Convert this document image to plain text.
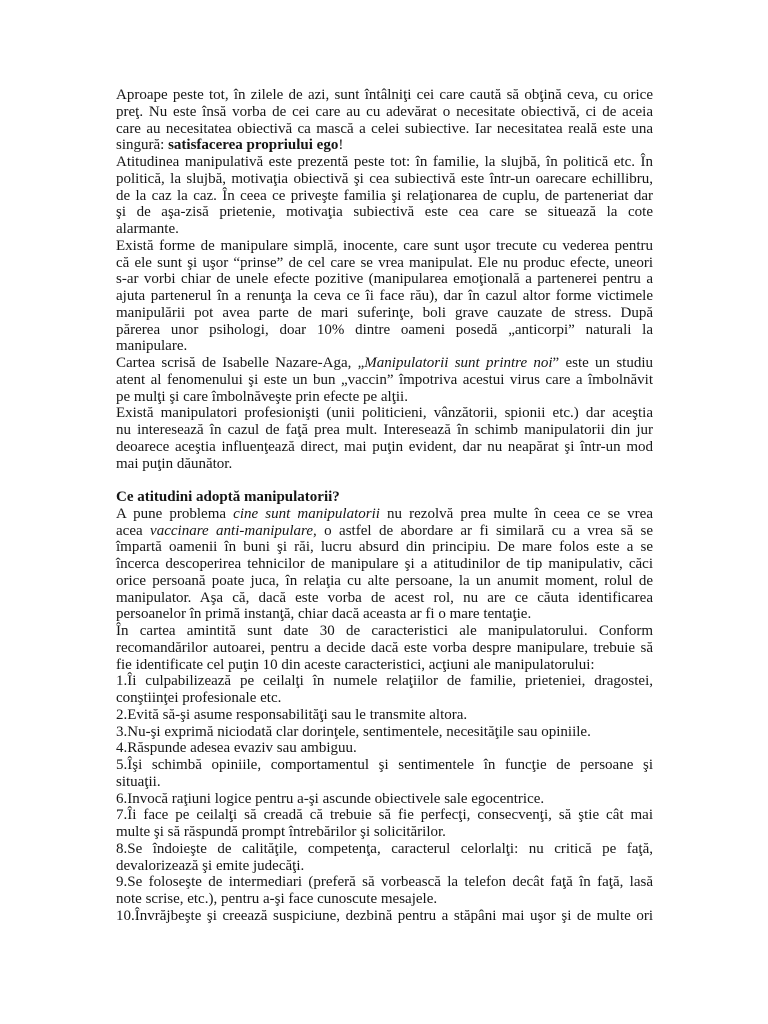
Aproape peste tot, în zilele de azi, sunt întâlniţi cei care caută să obţină ceva, cu orice
preţ. Nu este însă vorba de cei care au cu adevărat o necesitate obiectivă, ci de aceia
care au necesitatea obiectivă ca mască a celei subiective. Iar necesitatea reală este una
singură: satisfacerea propriului ego!
Atitudinea manipulativă este prezentă peste tot: în familie, la slujbă, în politică etc. În
politică, la slujbă, motivaţia obiectivă şi cea subiectivă este într-un oarecare echillibru,
de la caz la caz. În ceea ce priveşte familia şi relaţionarea de cuplu, de parteneriat dar
şi de aşa-zisă prietenie, motivaţia subiectivă este cea care se situează la cote
alarmante.
Există forme de manipulare simplă, inocente, care sunt uşor trecute cu vederea pentru
că ele sunt şi uşor “prinse” de cel care se vrea manipulat. Ele nu produc efecte, uneori
s-ar vorbi chiar de unele efecte pozitive (manipularea emoţională a partenerei pentru a
ajuta partenerul în a renunţa la ceva ce îi face rău), dar în cazul altor forme victimele
manipulării pot avea parte de mari suferinţe, boli grave cauzate de stress. După
părerea unor psihologi, doar 10% dintre oameni posedă „anticorpi” naturali la
manipulare.
Cartea scrisă de Isabelle Nazare-Aga, „Manipulatorii sunt printre noi” este un studiu
atent al fenomenului şi este un bun „vaccin” împotriva acestui virus care a îmbolnăvit
pe mulţi şi care îmbolnăveşte prin efecte pe alţii.
Există manipulatori profesionişti (unii politicieni, vânzătorii, spionii etc.) dar aceştia
nu interesează în cazul de faţă prea mult. Interesează în schimb manipulatorii din jur
deoarece aceştia influenţează direct, mai puţin evident, dar nu neapărat şi într-un mod
mai puţin dăunător.
Ce atitudini adoptă manipulatorii?
A pune problema cine sunt manipulatorii nu rezolvă prea multe în ceea ce se vrea
acea vaccinare anti-manipulare, o astfel de abordare ar fi similară cu a vrea să se
împartă oamenii în buni şi răi, lucru absurd din principiu. De mare folos este a se
încerca descoperirea tehnicilor de manipulare şi a atitudinilor de tip manipulativ, căci
orice persoană poate juca, în relaţia cu alte persoane, la un anumit moment, rolul de
manipulator. Aşa că, dacă este vorba de acest rol, nu are ce căuta identificarea
persoanelor în primă instanţă, chiar dacă aceasta ar fi o mare tentaţie.
În cartea amintită sunt date 30 de caracteristici ale manipulatorului. Conform
recomandărilor autoarei, pentru a decide dacă este vorba despre manipulare, trebuie să
fie identificate cel puţin 10 din aceste caracteristici, acţiuni ale manipulatorului:
1.Îi culpabilizează pe ceilalţi în numele relaţiilor de familie, prieteniei, dragostei,
conştiinţei profesionale etc.
2.Evită să-şi asume responsabilităţi sau le transmite altora.
3.Nu-şi exprimă niciodată clar dorinţele, sentimentele, necesităţile sau opiniile.
4.Răspunde adesea evaziv sau ambiguu.
5.Îşi schimbă opiniile, comportamentul şi sentimentele în funcţie de persoane şi
situaţii.
6.Invocă raţiuni logice pentru a-şi ascunde obiectivele sale egocentrice.
7.Îi face pe ceilalţi să creadă că trebuie să fie perfecţi, consecvenţi, să ştie cât mai
multe şi să răspundă prompt întrebărilor şi solicitărilor.
8.Se îndoieşte de calităţile, competenţa, caracterul celorlalţi: nu critică pe faţă,
devalorizează şi emite judecăţi.
9.Se foloseşte de intermediari (preferă să vorbească la telefon decât faţă în faţă, lasă
note scrise, etc.), pentru a-şi face cunoscute mesajele.
10.Învrăjbeşte şi creează suspiciune, dezbină pentru a stăpâni mai uşor şi de multe ori
